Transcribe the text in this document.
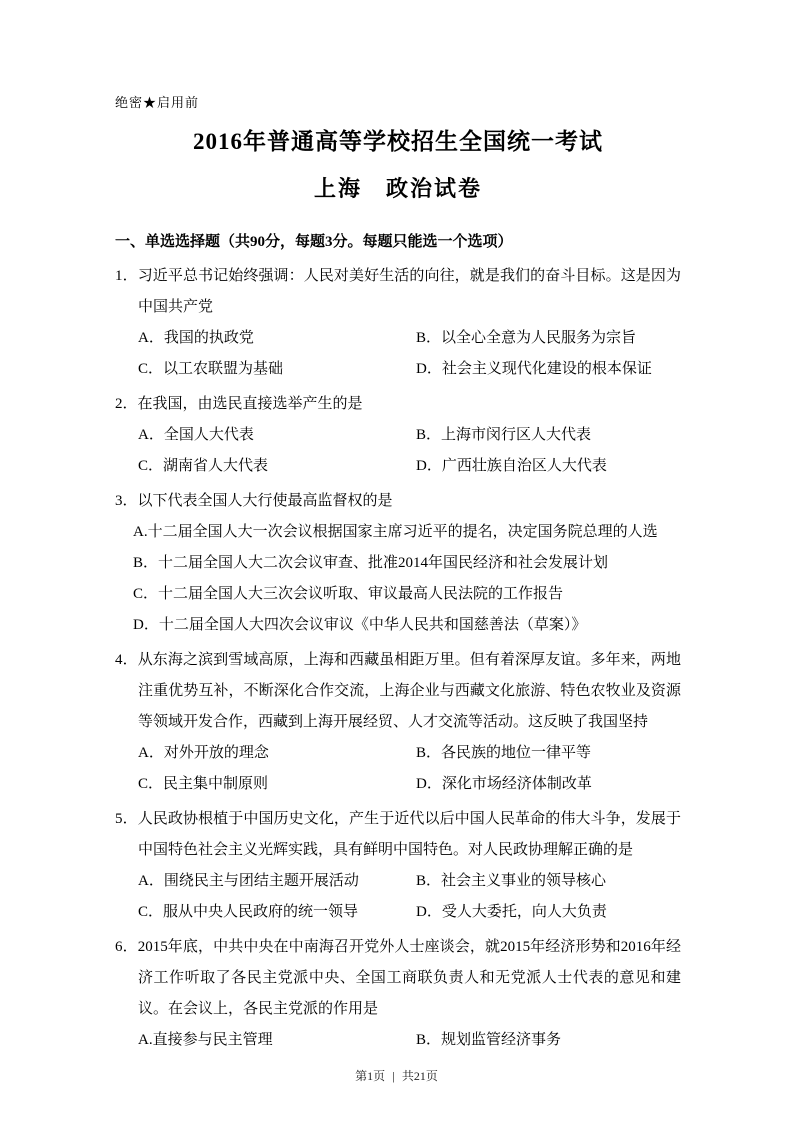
绝密★启用前
2016年普通高等学校招生全国统一考试
上海　政治试卷
一、单选选择题（共90分，每题3分。每题只能选一个选项）
1．习近平总书记始终强调：人民对美好生活的向往，就是我们的奋斗目标。这是因为中国共产党
A．我国的执政党	B．以全心全意为人民服务为宗旨
C．以工农联盟为基础	D．社会主义现代化建设的根本保证
2．在我国，由选民直接选举产生的是
A．全国人大代表	B．上海市闵行区人大代表
C．湖南省人大代表	D．广西壮族自治区人大代表
3．以下代表全国人大行使最高监督权的是
A.十二届全国人大一次会议根据国家主席习近平的提名，决定国务院总理的人选
B．十二届全国人大二次会议审查、批准2014年国民经济和社会发展计划
C．十二届全国人大三次会议听取、审议最高人民法院的工作报告
D．十二届全国人大四次会议审议《中华人民共和国慈善法（草案）》
4．从东海之滨到雪域高原，上海和西藏虽相距万里。但有着深厚友谊。多年来，两地注重优势互补，不断深化合作交流，上海企业与西藏文化旅游、特色农牧业及资源等领域开发合作，西藏到上海开展经贸、人才交流等活动。这反映了我国坚持
A．对外开放的理念	B．各民族的地位一律平等
C．民主集中制原则	D．深化市场经济体制改革
5．人民政协根植于中国历史文化，产生于近代以后中国人民革命的伟大斗争，发展于中国特色社会主义光辉实践，具有鲜明中国特色。对人民政协理解正确的是
A．围绕民主与团结主题开展活动	B．社会主义事业的领导核心
C．服从中央人民政府的统一领导	D．受人大委托，向人大负责
6．2015年底，中共中央在中南海召开党外人士座谈会，就2015年经济形势和2016年经济工作听取了各民主党派中央、全国工商联负责人和无党派人士代表的意见和建议。在会议上，各民主党派的作用是
A.直接参与民主管理	B．规划监管经济事务
第1页 | 共21页
